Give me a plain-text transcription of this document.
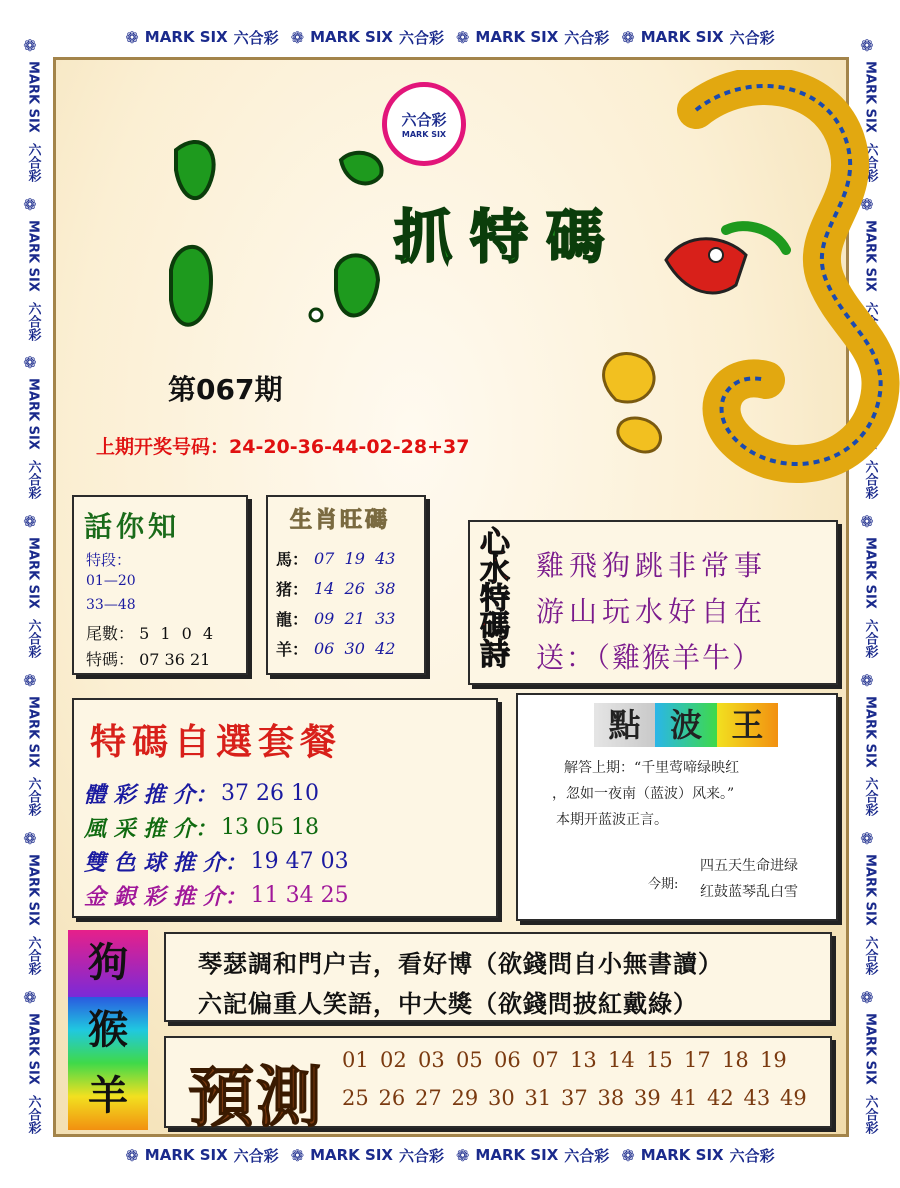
❁ MARK SIX 六合彩 ❁ MARK SIX 六合彩 ❁ MARK SIX 六合彩 ❁ MARK SIX 六合彩
❁ MARK SIX 六合彩 ❁ MARK SIX 六合彩 ❁ MARK SIX 六合彩 ❁ MARK SIX 六合彩
❁
MARK SIX
六合彩
❁
MARK SIX
六合彩
❁
MARK SIX
六合彩
❁
MARK SIX
六合彩
❁
MARK SIX
六合彩
❁
MARK SIX
六合彩
❁
MARK SIX
六合彩
❁
MARK SIX
六合彩
❁
MARK SIX
六合彩
❁
MARK SIX
六合彩
❁
MARK SIX
六合彩
❁
MARK SIX
六合彩
❁
MARK SIX
六合彩
❁
MARK SIX
六合彩
六合彩
MARK SIX
抓特碼
第067期
上期开奖号码：24-20-36-44-02-28+37
話你知
特段：
01—20
33—48
尾數： 5 1 0 4
特碼： 07 36 21
生肖旺碼
馬： 07  19  43
猪： 14  26  38
龍： 09  21  33
羊： 06  30  42	心水特碼詩 雞飛狗跳非常事
游山玩水好自在
送：（雞猴羊牛）
特碼自選套餐
體 彩 推 介： 37 26 10
風 采 推 介： 13 05 18
雙 色 球 推 介： 19 47 03
金 銀 彩 推 介： 11 34 25
點 波 王
解答上期：“千里莺啼绿映红
，忽如一夜南（蓝波）风来。”
本期开蓝波正言。
今期:
四五天生命进绿
红鼓蓝琴乱白雪
狗
猴
羊
琴瑟調和門户吉，看好博（欲錢問自小無書讀）
六記偏重人笑語，中大獎（欲錢問披紅戴綠）
預測 01 02 03 05 06 07 13 14 15 17 18 19
25 26 27 29 30 31 37 38 39 41 42 43 49
